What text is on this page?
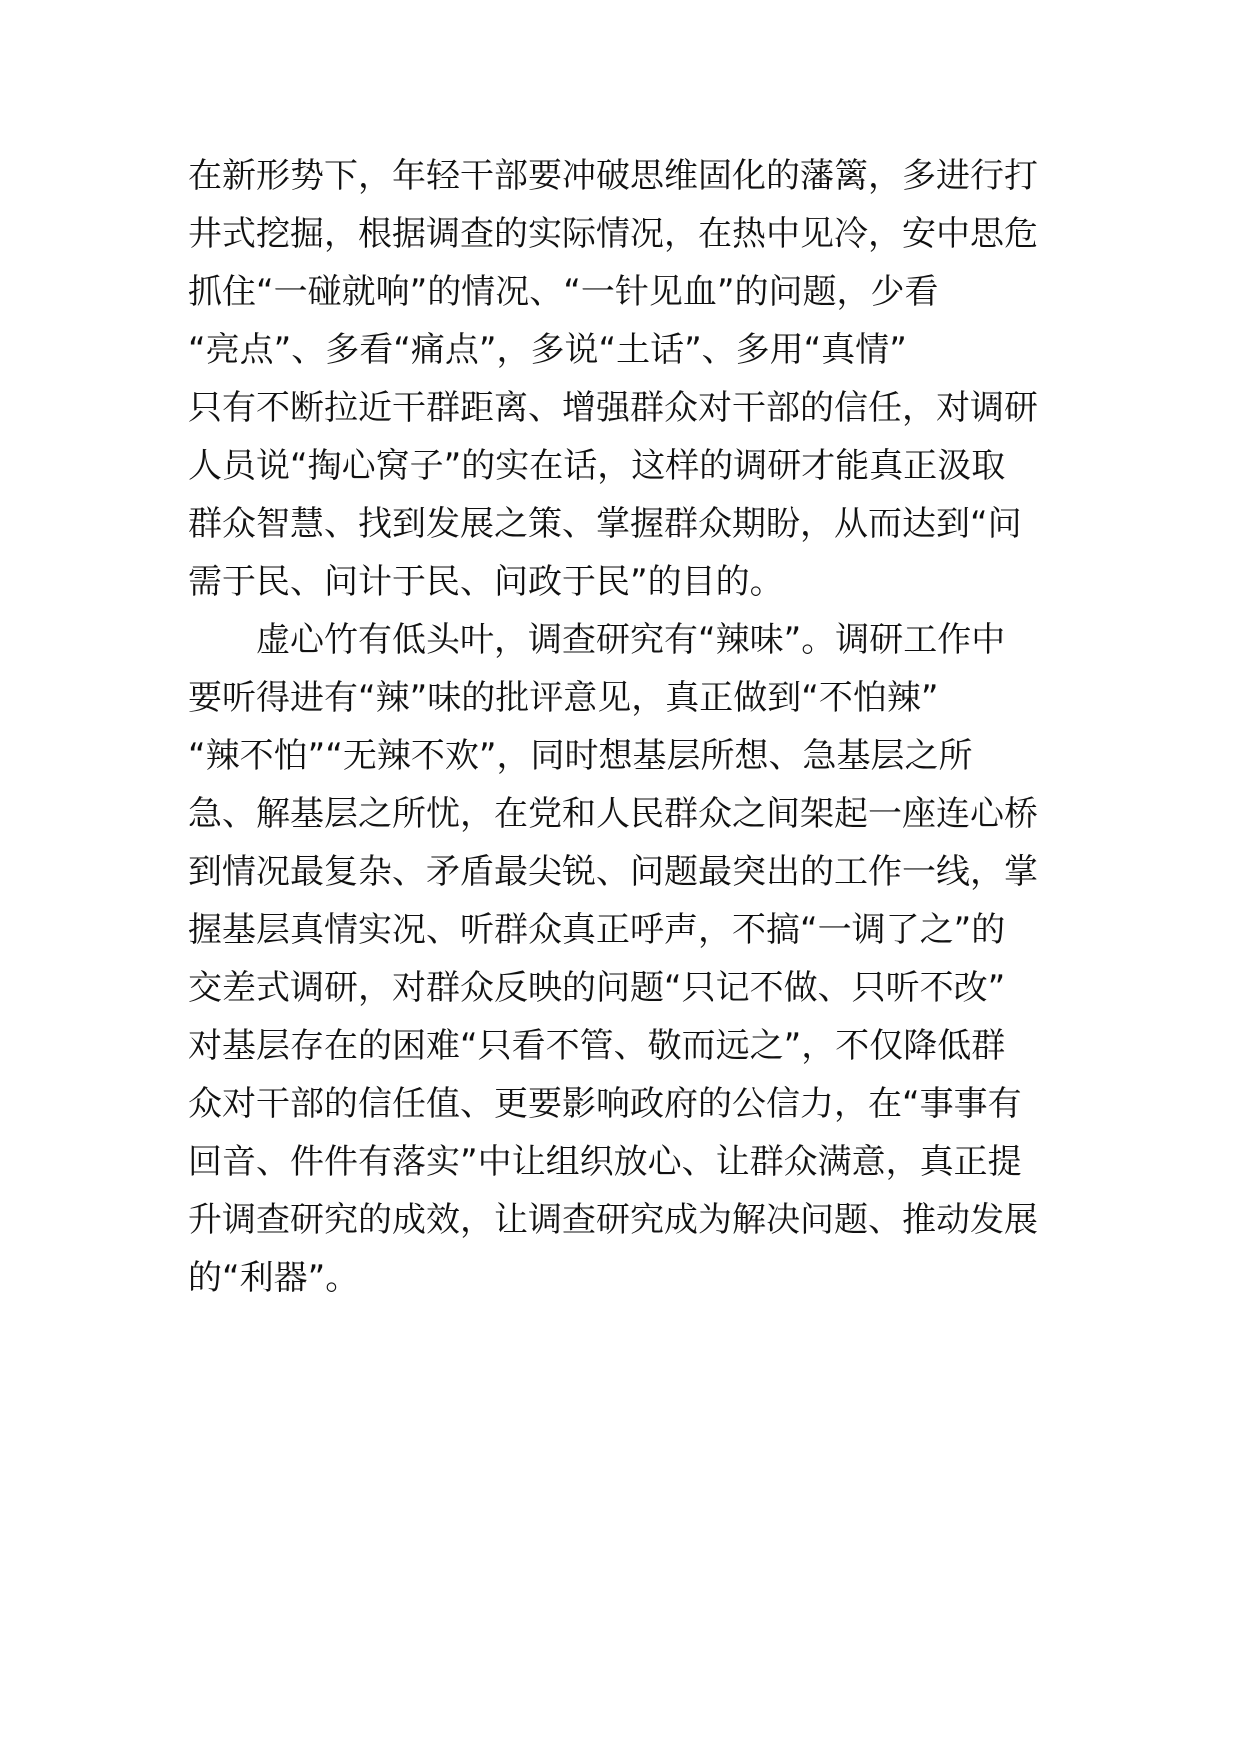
在新形势下，年轻干部要冲破思维固化的藩篱，多进行打
井式挖掘，根据调查的实际情况，在热中见冷，安中思危
抓住“一碰就响”的情况、“一针见血”的问题，少看
“亮点”、多看“痛点”，多说“土话”、多用“真情”
只有不断拉近干群距离、增强群众对干部的信任，对调研
人员说“掏心窝子”的实在话，这样的调研才能真正汲取
群众智慧、找到发展之策、掌握群众期盼，从而达到“问
需于民、问计于民、问政于民”的目的。
虚心竹有低头叶，调查研究有“辣味”。调研工作中
要听得进有“辣”味的批评意见，真正做到“不怕辣”
“辣不怕”“无辣不欢”，同时想基层所想、急基层之所
急、解基层之所忧，在党和人民群众之间架起一座连心桥
到情况最复杂、矛盾最尖锐、问题最突出的工作一线，掌
握基层真情实况、听群众真正呼声，不搞“一调了之”的
交差式调研，对群众反映的问题“只记不做、只听不改”
对基层存在的困难“只看不管、敬而远之”，不仅降低群
众对干部的信任值、更要影响政府的公信力，在“事事有
回音、件件有落实”中让组织放心、让群众满意，真正提
升调查研究的成效，让调查研究成为解决问题、推动发展
的“利器”。
